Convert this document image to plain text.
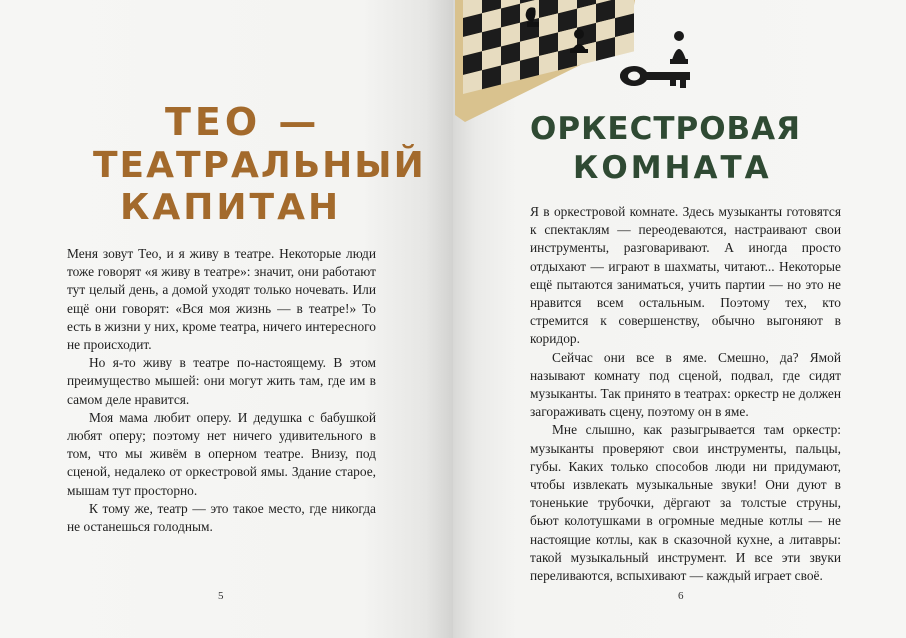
ТЕО —
ТЕАТРАЛЬНЫЙ
КАПИТАН

Меня зовут Тео, и я живу в театре. Некоторые люди тоже говорят «я живу в театре»: значит, они работают тут целый день, а домой уходят только ночевать. Или ещё они говорят: «Вся моя жизнь — в театре!» То есть в жизни у них, кроме театра, ничего интересного не происходит.

Но я-то живу в театре по-настоящему. В этом преимущество мышей: они могут жить там, где им в самом деле нравится.

Моя мама любит оперу. И дедушка с бабушкой любят оперу; поэтому нет ничего удивительного в том, что мы живём в оперном театре. Внизу, под сценой, недалеко от оркестровой ямы. Здание старое, мышам тут просторно.

К тому же, театр — это такое место, где никогда не останешься голодным.

5
ОРКЕСТРОВАЯ
КОМНАТА

Я в оркестровой комнате. Здесь музыканты готовятся к спектаклям — переодеваются, настраивают свои инструменты, разговаривают. А иногда просто отдыхают — играют в шахматы, читают... Некоторые ещё пытаются заниматься, учить партии — но это не нравится всем остальным. Поэтому тех, кто стремится к совершенству, обычно выгоняют в коридор.

Сейчас они все в яме. Смешно, да? Ямой называют комнату под сценой, подвал, где сидят музыканты. Так принято в театрах: оркестр не должен загораживать сцену, поэтому он в яме.

Мне слышно, как разыгрывается там оркестр: музыканты проверяют свои инструменты, пальцы, губы. Каких только способов люди ни придумают, чтобы извлекать музыкальные звуки! Они дуют в тоненькие трубочки, дёргают за толстые струны, бьют колотушками в огромные медные котлы — не настоящие котлы, как в сказочной кухне, а литавры: такой музыкальный инструмент. И все эти звуки переливаются, вспыхивают — каждый играет своё.

6
